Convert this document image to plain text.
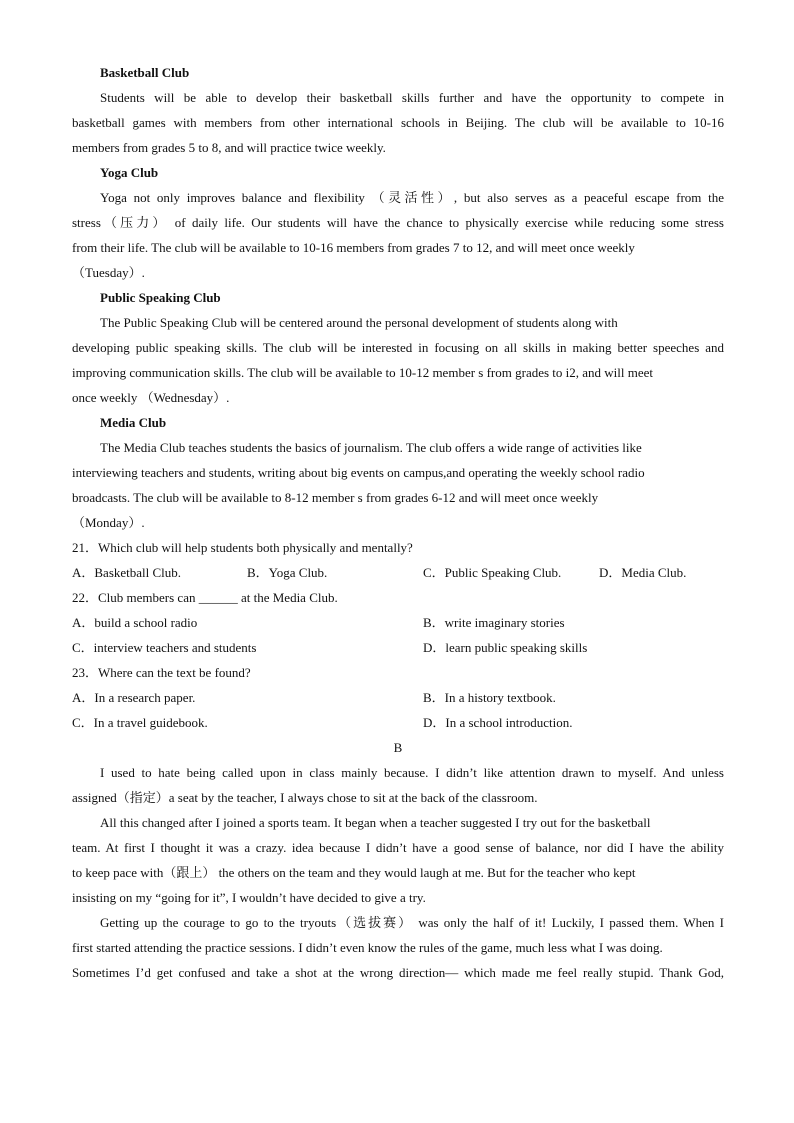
Basketball Club
Students will be able to develop their basketball skills further and have the opportunity to compete in
basketball games with members from other international schools in Beijing. The club will be available to 10-16
members from grades 5 to 8, and will practice twice weekly.
Yoga Club
Yoga not only improves balance and flexibility （灵活性）, but also serves as a peaceful escape from the
stress（压力） of daily life. Our students will have the chance to physically exercise while reducing some stress
from their life. The club will be available to 10-16 members from grades 7 to 12, and will meet once weekly
（Tuesday）.
Public Speaking Club
The Public Speaking Club will be centered around the personal development of students along with
developing public speaking skills. The club will be interested in focusing on all skills in making better speeches and
improving communication skills. The club will be available to 10-12 member s from grades to i2, and will meet
once weekly （Wednesday）.
Media Club
The Media Club teaches students the basics of journalism. The club offers a wide range of activities like
interviewing teachers and students, writing about big events on campus,and operating the weekly school radio
broadcasts. The club will be available to 8-12 member s from grades 6-12 and will meet once weekly
（Monday）.
21．Which club will help students both physically and mentally?
A．Basketball Club.	B．Yoga Club.	C．Public Speaking Club.	D．Media Club.
22．Club members can ______ at the Media Club.
A．build a school radio	B．write imaginary stories
C．interview teachers and students	D．learn public speaking skills
23．Where can the text be found?
A．In a research paper.	B．In a history textbook.
C．In a travel guidebook.	D．In a school introduction.
B
I used to hate being called upon in class mainly because. I didn’t like attention drawn to myself. And unless
assigned（指定）a seat by the teacher, I always chose to sit at the back of the classroom.
All this changed after I joined a sports team. It began when a teacher suggested I try out for the basketball
team. At first I thought it was a crazy. idea because I didn’t have a good sense of balance, nor did I have the ability
to keep pace with（跟上） the others on the team and they would laugh at me. But for the teacher who kept
insisting on my “going for it”, I wouldn’t have decided to give a try.
Getting up the courage to go to the tryouts（选拔赛） was only the half of it! Luckily, I passed them. When I
first started attending the practice sessions. I didn’t even know the rules of the game, much less what I was doing.
Sometimes I’d get confused and take a shot at the wrong direction— which made me feel really stupid. Thank God,
